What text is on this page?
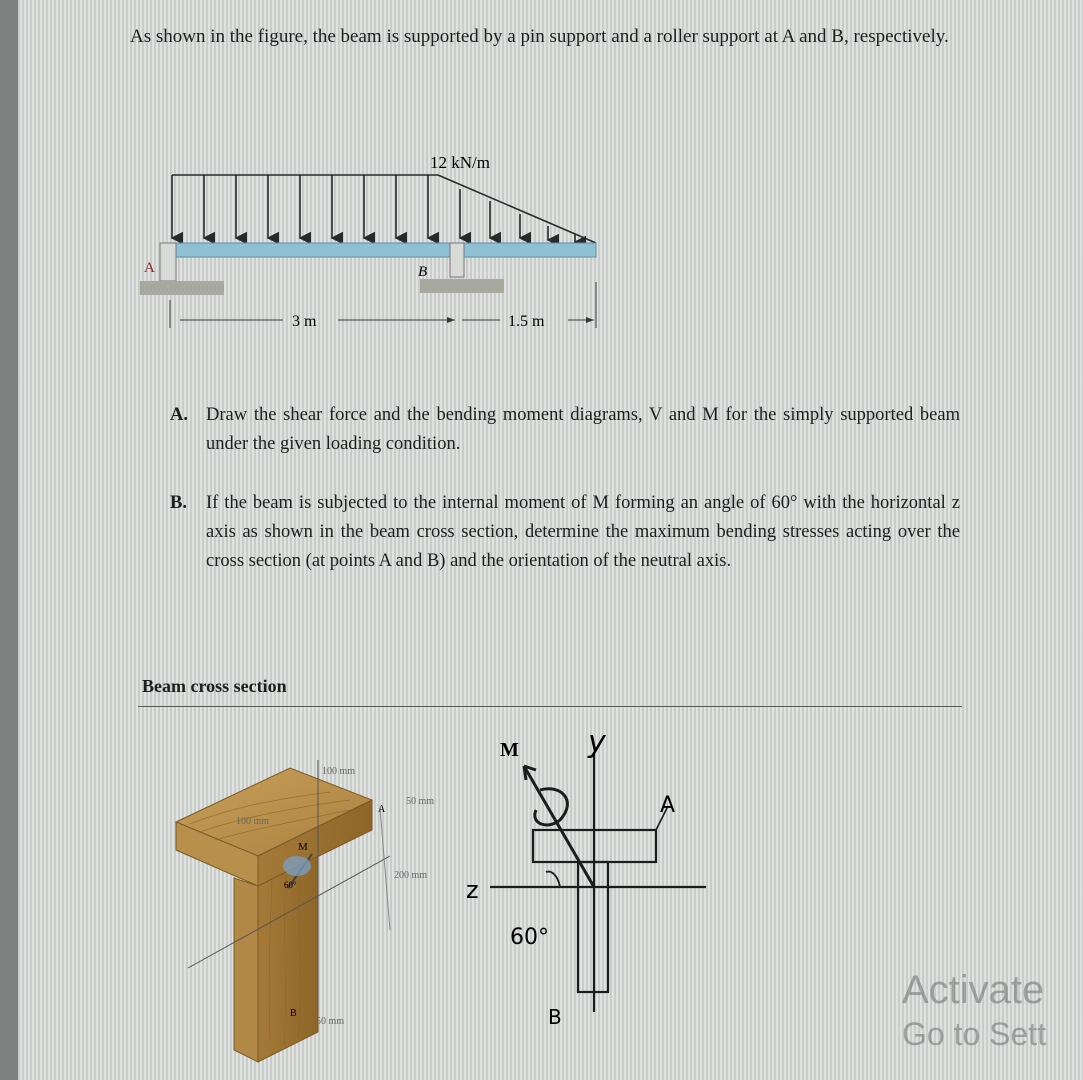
As shown in the figure, the beam is supported by a pin support and a roller support at A and B, respectively.
12 kN/m
A	B
3 m	1.5 m
A. Draw the shear force and the bending moment diagrams, V and M for the simply supported beam under the given loading condition.
B. If the beam is subjected to the internal moment of M forming an angle of 60° with the horizontal z axis as shown in the beam cross section, determine the maximum bending stresses acting over the cross section (at points A and B) and the orientation of the neutral axis.
Beam cross section
100 mm
50 mm
100 mm
200 mm
50 mm
M
60°
A
B
M y
z
60°
A
B
Activate
Go to Sett
